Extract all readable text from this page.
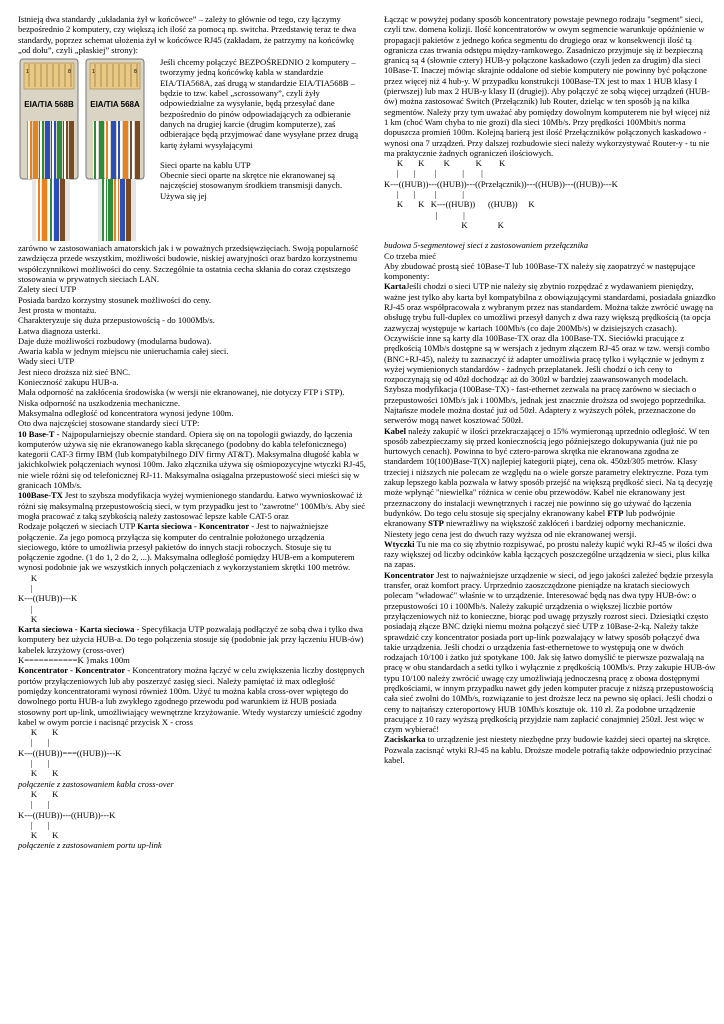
Istnieją dwa standardy „układania żył w końcówce” – zależy to głównie od tego, czy łączymy bezpośrednio 2 komputery, czy większą ich ilość za pomocą np. switcha. Przedstawię teraz te dwa standardy, poprzez schemat ułożenia żył w końcówce RJ45 (zakładam, że patrzymy na końcówkę „od dołu”, czyli „płaskiej” strony):

1	8
EIA/TIA 568B
1	8
EIA/TIA 568A

Jeśli chcemy połączyć BEZPOŚREDNIO 2 komputery – tworzymy jedną końcówkę kabla w standardzie EIA/TIA568A, zaś drugą w standardzie EIA/TIA568B – będzie to tzw. kabel „scrossowany”, czyli żyły odpowiedzialne za wysyłanie, będą przesyłać dane bezpośrednio do pinów odpowiadających za odbieranie danych na drugiej karcie (drugim komputerze), zaś odbierające będą przyjmować dane wysyłane przez drugą kartę żyłami wysyłającymi

Sieci oparte na kablu UTP

Obecnie sieci oparte na skrętce nie ekranowanej są najczęściej stosowanym środkiem transmisji danych. Używa się jej

zarówno w zastosowaniach amatorskich jak i w poważnych przedsięwzięciach. Swoją popularność zawdzięcza przede wszystkim, możliwości budowie, niskiej awaryjności oraz bardzo korzystnemu współczynnikowi możliwości do ceny. Szczególnie ta ostatnia cecha skłania do coraz częstszego stosowania w prywatnych sieciach LAN.

Zalety sieci UTP

Posiada bardzo korzystny stosunek możliwości do ceny.

Jest prosta w montażu.

Charakteryzuje się duża przepustowością - do 1000Mb/s.

Łatwa diagnoza usterki.

Daje duże możliwości rozbudowy (modularna budowa).

Awaria kabla w jednym miejscu nie unieruchamia całej sieci.

Wady sieci UTP

Jest nieco droższa niż sieć BNC.

Konieczność zakupu HUB-a.

Mała odporność na zakłócenia środowiska (w wersji nie ekranowanej, nie dotyczy FTP i STP).

Niska odporność na uszkodzenia mechaniczne.

Maksymalna odległość od koncentratora wynosi jedyne 100m.

Oto dwa najczęściej stosowane standardy sieci UTP:

10 Base-T - Najpopularniejszy obecnie standard. Opiera się on na topologii gwiazdy, do łączenia komputerów używa się nie ekranowanego kabla skręcanego (podobny do kabla telefonicznego) kategorii CAT-3 firmy IBM (lub kompatybilnego DIV firmy AT&T). Maksymalna długość kabla w jakichkolwiek połączeniach wynosi 100m. Jako złącznika używa się ośmiopozycyjne wtyczki RJ-45, nie wiele różni się od telefonicznej RJ-11. Maksymalna osiągalna przepustowość sieci mieści się w granicach 10Mb/s.

100Base-TX Jest to szybsza modyfikacja wyżej wymienionego standardu. Łatwo wywnioskować iż różni się maksymalną przepustowością sieci, w tym przypadku jest to "zawrotne" 100Mb/s. Aby sieć mogła pracować z taką szybkością należy zastosować lepsze kable CAT-5 oraz

Rodzaje połączeń w sieciach UTP Karta sieciowa - Koncentrator - Jest to najważniejsze połączenie. Za jego pomocą przyłącza się komputer do centralnie położonego urządzenia sieciowego, które to umożliwia przesył pakietów do innych stacji roboczych. Stosuje się tu połączenie zgodne. (1 do 1, 2 do 2, ...). Maksymalna odległość pomiędzy HUB-em a komputerem wynosi podobnie jak we wszystkich innych połączeniach z wykorzystaniem skrętki 100 metrów.

K
|
K---((HUB))---K
|
K

Karta sieciowa - Karta sieciowa - Specyfikacja UTP pozwalają podłączyć ze sobą dwa i tylko dwa komputery bez użycia HUB-a. Do tego połączenia stosuje się (podobnie jak przy łączeniu HUB-ów) kabelek krzyżowy (cross-over)

K===========K }maks 100m

Koncentrator - Koncentrator - Koncentratory można łączyć w celu zwiększenia liczby dostępnych portów przyłączeniowych lub aby poszerzyć zasięg sieci. Należy pamiętać iż max odległość pomiędzy koncentratorami wynosi również 100m. Użyć tu można kabla cross-over wpiętego do dowolnego portu HUB-a lub zwykłego zgodnego przewodu pod warunkiem iż HUB posiada stosowny port up-link, umożliwiający wewnętrzne krzyżowanie. Wtedy wystarczy umieścić zgodny kabel w owym porcie i nacisnąć przycisk X - cross

K       K
|       |
K---((HUB))===((HUB))---K
|       |
K       K

połączenie z zastosowaniem kabla cross-over

K       K
|       |
K---((HUB))---((HUB))---K
|       |
K       K

połączenie z zastosowaniem portu up-link

Łącząc w powyżej podany sposób koncentratory powstaje pewnego rodzaju "segment" sieci, czyli tzw. domena kolizji. Ilość koncentratorów w owym segmencie warunkuje opóźnienie w propagacji pakietów z jednego końca segmentu do drugiego oraz w konsekwencji ilość tą ogranicza czas trwania odstępu między-ramkowego. Zasadniczo przyjmuje się iż bezpieczną granicą są 4 (słownie cztery) HUB-y połączone kaskadowo (czyli jeden za drugim) dla sieci 10Base-T. Inaczej mówiąc skrajnie oddalone od siebie komputery nie powinny być połączone przez więcej niż 4 hub-y. W przypadku konstrukcji 100Base-TX jest to max 1 HUB klasy I (pierwszej) lub max 2 HUB-y klasy II (drugiej). Aby połączyć ze sobą więcej urządzeń (HUB-ów) można zastosować Switch (Przełącznik) lub Router, dzieląc w ten sposób ją na kilka segmentów. Należy przy tym uważać aby pomiędzy dowolnym komputerem nie był więcej niż 1 km (choć Wam chyba to nie grozi) dla sieci 10Mb/s. Przy prędkości 100Mbit/s norma dopuszcza promień 100m. Kolejną barierą jest ilość Przełączników połączonych kaskadowo - wynosi ona 7 urządzeń. Przy dalszej rozbudowie sieci należy wykorzystywać Router-y - tu nie ma praktycznie żadnych ograniczeń ilościowych.

K       K         K            K        K
|       |         |            |        |
K---((HUB))---((HUB))---((Przełącznik))---((HUB))---((HUB))---K
|       |         |            |
K       K   K---((HUB))      ((HUB))     K
|            |
K              K

budowa 5-segmentowej sieci z zastosowaniem przełącznika

Co trzeba mieć

Aby zbudować prostą sieć 10Base-T lub 100Base-TX należy się zaopatrzyć w następujące komponenty:

KartaJeśli chodzi o sieci UTP nie należy się zbytnio rozpędzać z wydawaniem pieniędzy, ważne jest tylko aby karta był kompatybilna z obowiązującymi standardami, posiadała gniazdko RJ-45 oraz współpracowała z wybranym przez nas standardem. Można także zwrócić uwagę na obsługę trybu full-duplex co umożliwi przesył danych z dwa razy większą prędkością (ta opcja zazwyczaj występuje w kartach 100Mb/s (co daje 200Mb/s) w dzisiejszych czasach). Oczywiście inne są karty dla 100Base-TX oraz dla 100Base-TX. Sieciówki pracujące z prędkością 10Mb/s dostępne są w wersjach z jednym złączem RJ-45 oraz w tzw. wersji combo (BNC+RJ-45), należy tu zaznaczyć iż adapter umożliwia pracę tylko i wyłącznie w jednym z wyżej wymienionych standardów - żadnych przeplatanek. Jeśli chodzi o ich ceny to rozpoczynają się od 40zł dochodząc aż do 300zł w bardziej zaawansowanych modelach. Szybsza modyfikacja (100Base-TX) - fast-ethernet zezwala na pracę zarówno w sieciach o przepustowości 10Mb/s jak i 100Mb/s, jednak jest znacznie droższa od swojego poprzednika. Najtańsze modele można dostać już od 50zł. Adaptery z wyższych półek, przeznaczone do serwerów mogą nawet kosztować 500zł.

Kabel należy zakupić w ilości przekraczającej o 15% wymieronąą uprzednio odległość. W ten sposób zabezpieczamy się przed koniecznością jego późniejszego dokupywania (już nie po hurtowych cenach). Powinna to być cztero-parowa skrętka nie ekranowana zgodna ze standardem 10(100)Base-T(X) najlepiej kategorii piątej, cena ok. 450zł/305 metrów. Klasy trzeciej i niższych nie polecam ze względu na o wiele gorsze parametry elektryczne. Poza tym zakup lepszego kabla pozwala w łatwy sposób przejść na większą prędkość sieci. Na tą decyzję może wpłynąć "niewielka" różnica w cenie obu przewodów. Kabel nie ekranowany jest przeznaczony do instalacji wewnętrznych i raczej nie powinno się go używać do łączenia budynków. Do tego celu stosuje się specjalny ekranowany kabel FTP lub podwójnie ekranowany STP niewrażliwy na większość zakłóceń i bardziej odporny mechanicznie. Niestety jego cena jest do dwuch razy wyższa od nie ekranowanej wersji.

Wtyczki Tu nie ma co się zbytnio rozpisywać, po prostu należy kupić wyki RJ-45 w ilości dwa razy większej od liczby odcinków kabla łączących poszczególne urządzenia w sieci, plus kilka na zapas.

Koncentrator Jest to najważniejsze urządzenie w sieci, od jego jakości zależeć będzie przesyła transfer, oraz komfort pracy. Urprzednio zaoszczędzone pieniądze na kratach sieciowych polecam "władować" właśnie w to urządzenie. Interesować będą nas dwa typy HUB-ów: o przepustowości 10 i 100Mb/s. Należy zakupić urządzenia o większej liczbie portów przyłączeniowych niż to konieczne, biorąc pod uwagę przyszły rozrost sieci. Dziesiątki często posiadają złącze BNC dzięki niemu można połączyć sieć UTP z 10Base-2-ką. Należy także sprawdzić czy koncentrator posiada port up-link pozwalający w łatwy sposób połączyć dwa takie urządzenia. Jeśli chodzi o urządzenia fast-ethernetowe to występują one w dwóch rodzajach 10/100 i żatko już spotykane 100. Jak się łatwo domyślić te pierwsze pozwalają na pracę w obu standardach a setki tylko i wyłącznie z prędkością 100Mb/s. Przy zakupie HUB-ów typu 10/100 należy zwrócić uwagę czy umożliwiają jednoczesną pracę z obома dostępnymi prędkościami, w innym przypadku nawet gdy jeden komputer pracuje z niższą przepustowością cała sieć zwolni do 10Mb/s, rozwiązanie to jest droższe lecz na pewno się opłaci. Jeśli chodzi o ceny to najtańszy czteroportowy HUB 10Mb/s kosztuje ok. 110 zł. Za podobne urządzenie pracujące z 10 razy wyższą prędkością przyjdzie nam zapłacić conajmniej 250zł. Jest więc w czym wybierać!

Zaciskarka to urządzenie jest niestety niezbędne przy budowie każdej sieci opartej na skrętce. Pozwala zacisnąć wtyki RJ-45 na kablu. Droższe modele potrafią także odpowiednio przycinać kabel.
